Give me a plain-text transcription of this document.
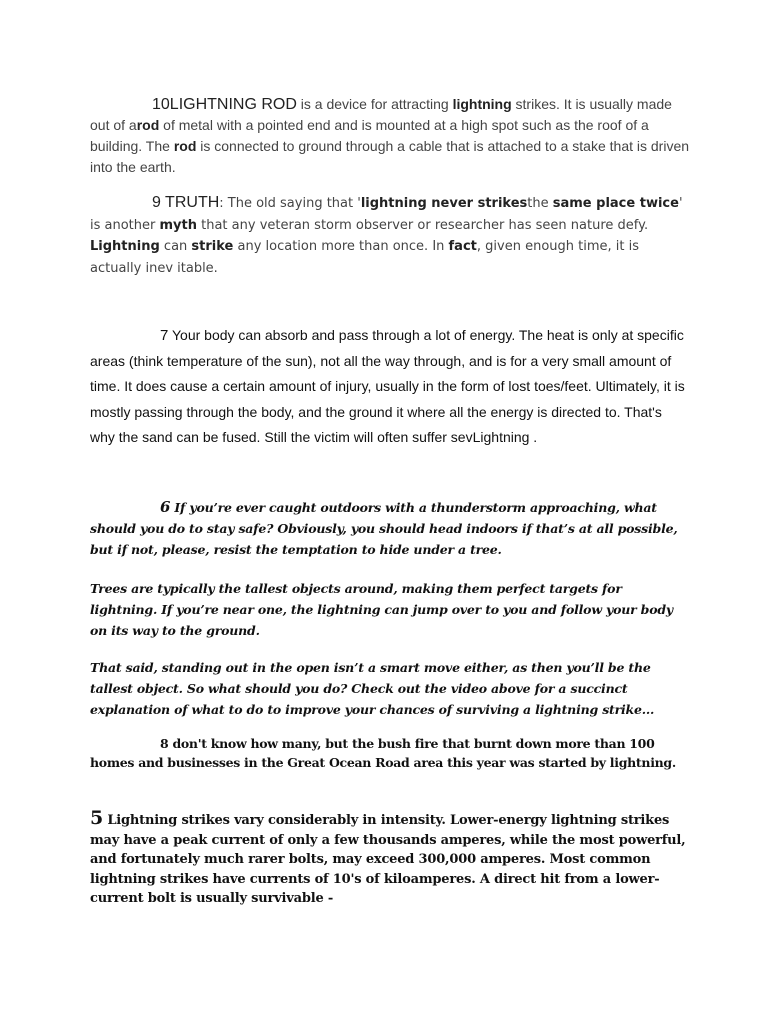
10LIGHTNING ROD is a device for attracting lightning strikes. It is usually made out of arod of metal with a pointed end and is mounted at a high spot such as the roof of a building. The rod is connected to ground through a cable that is attached to a stake that is driven into the earth.

9 TRUTH: The old saying that 'lightning never strikesthe same place twice' is another myth that any veteran storm observer or researcher has seen nature defy. Lightning can strike any location more than once. In fact, given enough time, it is actually inev itable.

7 Your body can absorb and pass through a lot of energy. The heat is only at specific areas (think temperature of the sun), not all the way through, and is for a very small amount of time. It does cause a certain amount of injury, usually in the form of lost toes/feet. Ultimately, it is mostly passing through the body, and the ground it where all the energy is directed to. That's why the sand can be fused. Still the victim will often suffer sevLightning .

6 If you’re ever caught outdoors with a thunderstorm approaching, what should you do to stay safe? Obviously, you should head indoors if that’s at all possible, but if not, please, resist the temptation to hide under a tree.

Trees are typically the tallest objects around, making them perfect targets for lightning. If you’re near one, the lightning can jump over to you and follow your body on its way to the ground.

That said, standing out in the open isn’t a smart move either, as then you’ll be the tallest object. So what should you do? Check out the video above for a succinct explanation of what to do to improve your chances of surviving a lightning strike...

8 don't know how many, but the bush fire that burnt down more than 100 homes and businesses in the Great Ocean Road area this year was started by lightning.

5 Lightning strikes vary considerably in intensity. Lower-energy lightning strikes may have a peak current of only a few thousands amperes, while the most powerful, and fortunately much rarer bolts, may exceed 300,000 amperes. Most common lightning strikes have currents of 10's of kiloamperes. A direct hit from a lower-current bolt is usually survivable -
